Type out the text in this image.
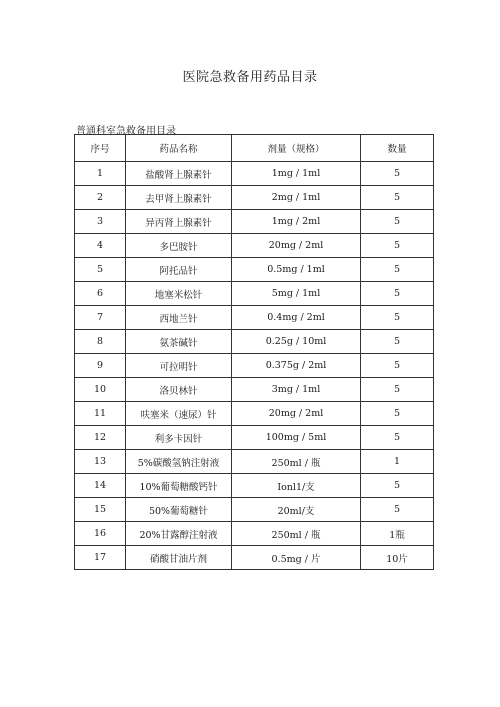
医院急救备用药品目录
普通科室急救备用目录
序号	药品名称	剂量（规格）	数量
1	盐酸肾上腺素针	1mg / 1ml	5
2	去甲肾上腺素针	2mg / 1ml	5
3	异丙肾上腺素针	1mg / 2ml	5
4	多巴胺针	20mg / 2ml	5
5	阿托品针	0.5mg / 1ml	5
6	地塞米松针	5mg / 1ml	5
7	西地兰针	0.4mg / 2ml	5
8	氨茶碱针	0.25g / 10ml	5
9	可拉明针	0.375g / 2ml	5
10	洛贝林针	3mg / 1ml	5
11	呋塞米（速尿）针	20mg / 2ml	5
12	利多卡因针	100mg / 5ml	5
13	5%碳酸氢钠注射液	250ml / 瓶	1
14	10%葡萄糖酸钙针	Ionl1/支	5
15	50%葡萄糖针	20ml/支	5
16	20%甘露醇注射液	250ml / 瓶	1瓶
17	硝酸甘油片剂	0.5mg / 片	10片
